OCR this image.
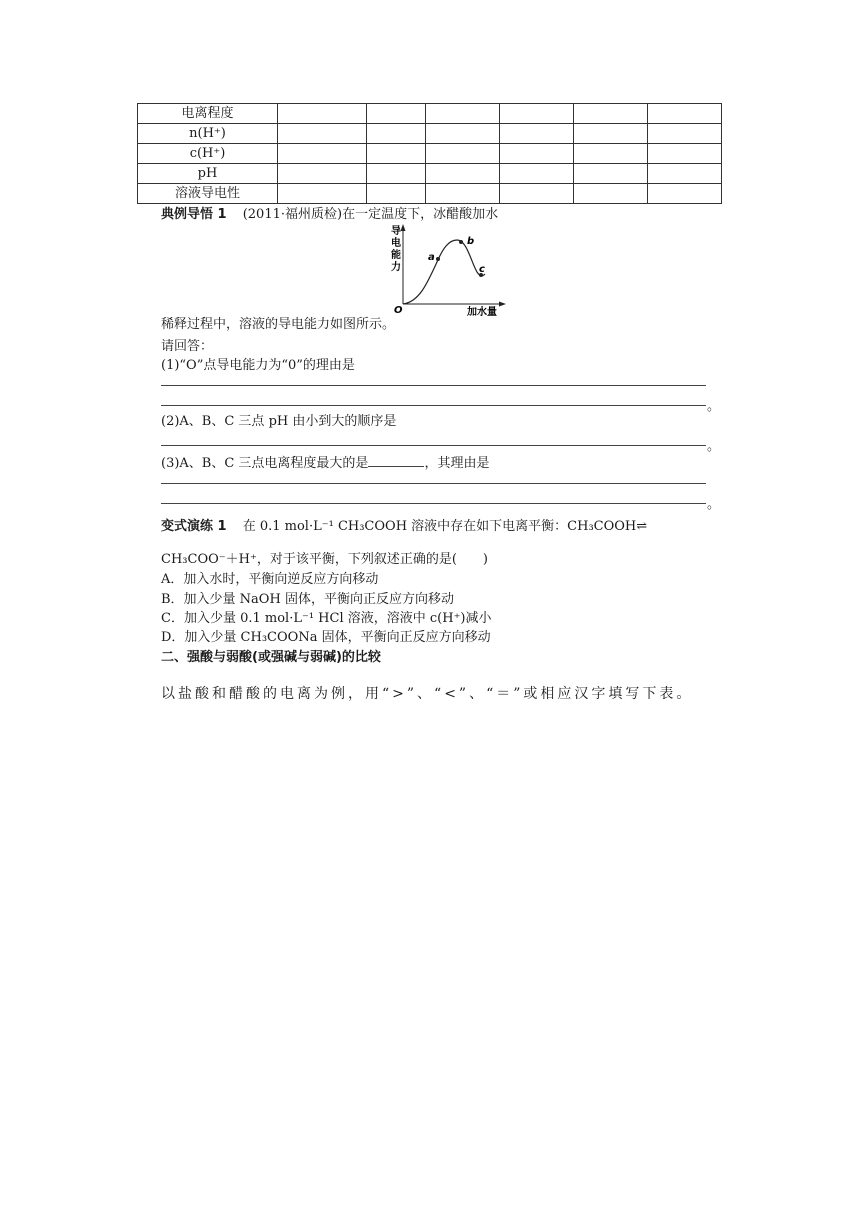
电离程度						
n(H⁺)						
c(H⁺)						
pH						
溶液导电性						
典例导悟 1 (2011·福州质检)在一定温度下，冰醋酸加水
导
电
能
力
a
b
c
O	加水量
稀释过程中，溶液的导电能力如图所示。
请回答：
(1)“O”点导电能力为“0”的理由是
。
(2)A、B、C 三点 pH 由小到大的顺序是
。
(3)A、B、C 三点电离程度最大的是	，其理由是
。
变式演练 1 在 0.1 mol·L⁻¹ CH₃COOH 溶液中存在如下电离平衡：CH₃COOH⇌
CH₃COO⁻＋H⁺，对于该平衡，下列叙述正确的是(　　)
A．加入水时，平衡向逆反应方向移动
B．加入少量 NaOH 固体，平衡向正反应方向移动
C．加入少量 0.1 mol·L⁻¹ HCl 溶液，溶液中 c(H⁺)减小
D．加入少量 CH₃COONa 固体，平衡向正反应方向移动
二、强酸与弱酸(或强碱与弱碱)的比较
以盐酸和醋酸的电离为例，用“>”、“<”、“＝”或相应汉字填写下表。
